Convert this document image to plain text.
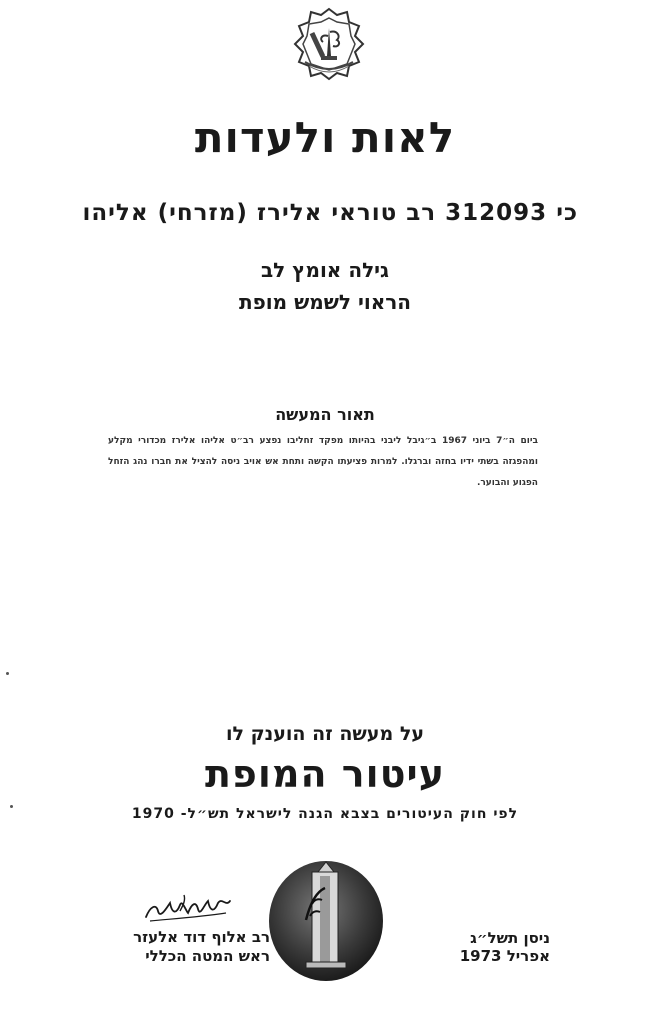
לאות ולעדות
כי 312093 רב טוראי אלירז (מזרחי) אליהו
גילה אומץ לב
הראוי לשמש מופת
תאור המעשה
ביום ה״7 ביוני 1967 ב״גיבל ליבני בהיותו מפקד זחליבו נפצע רב״ט אליהו אלירז מכדורי מקלע ומהפגזה בשתי ידיו בחזה וברגלו. למרות פציעתו הקשה ותחת אש אויב ניסה להציל את חברו נהג הזחל הפגוע והבוער.
על מעשה זה הוענק לו
עיטור המופת
לפי חוק העיטורים בצבא הגנה לישראל תש״ל- 1970
רב אלוף דוד אלעזר
ראש המטה הכללי
ניסן תשל״ג
אפריל 1973
